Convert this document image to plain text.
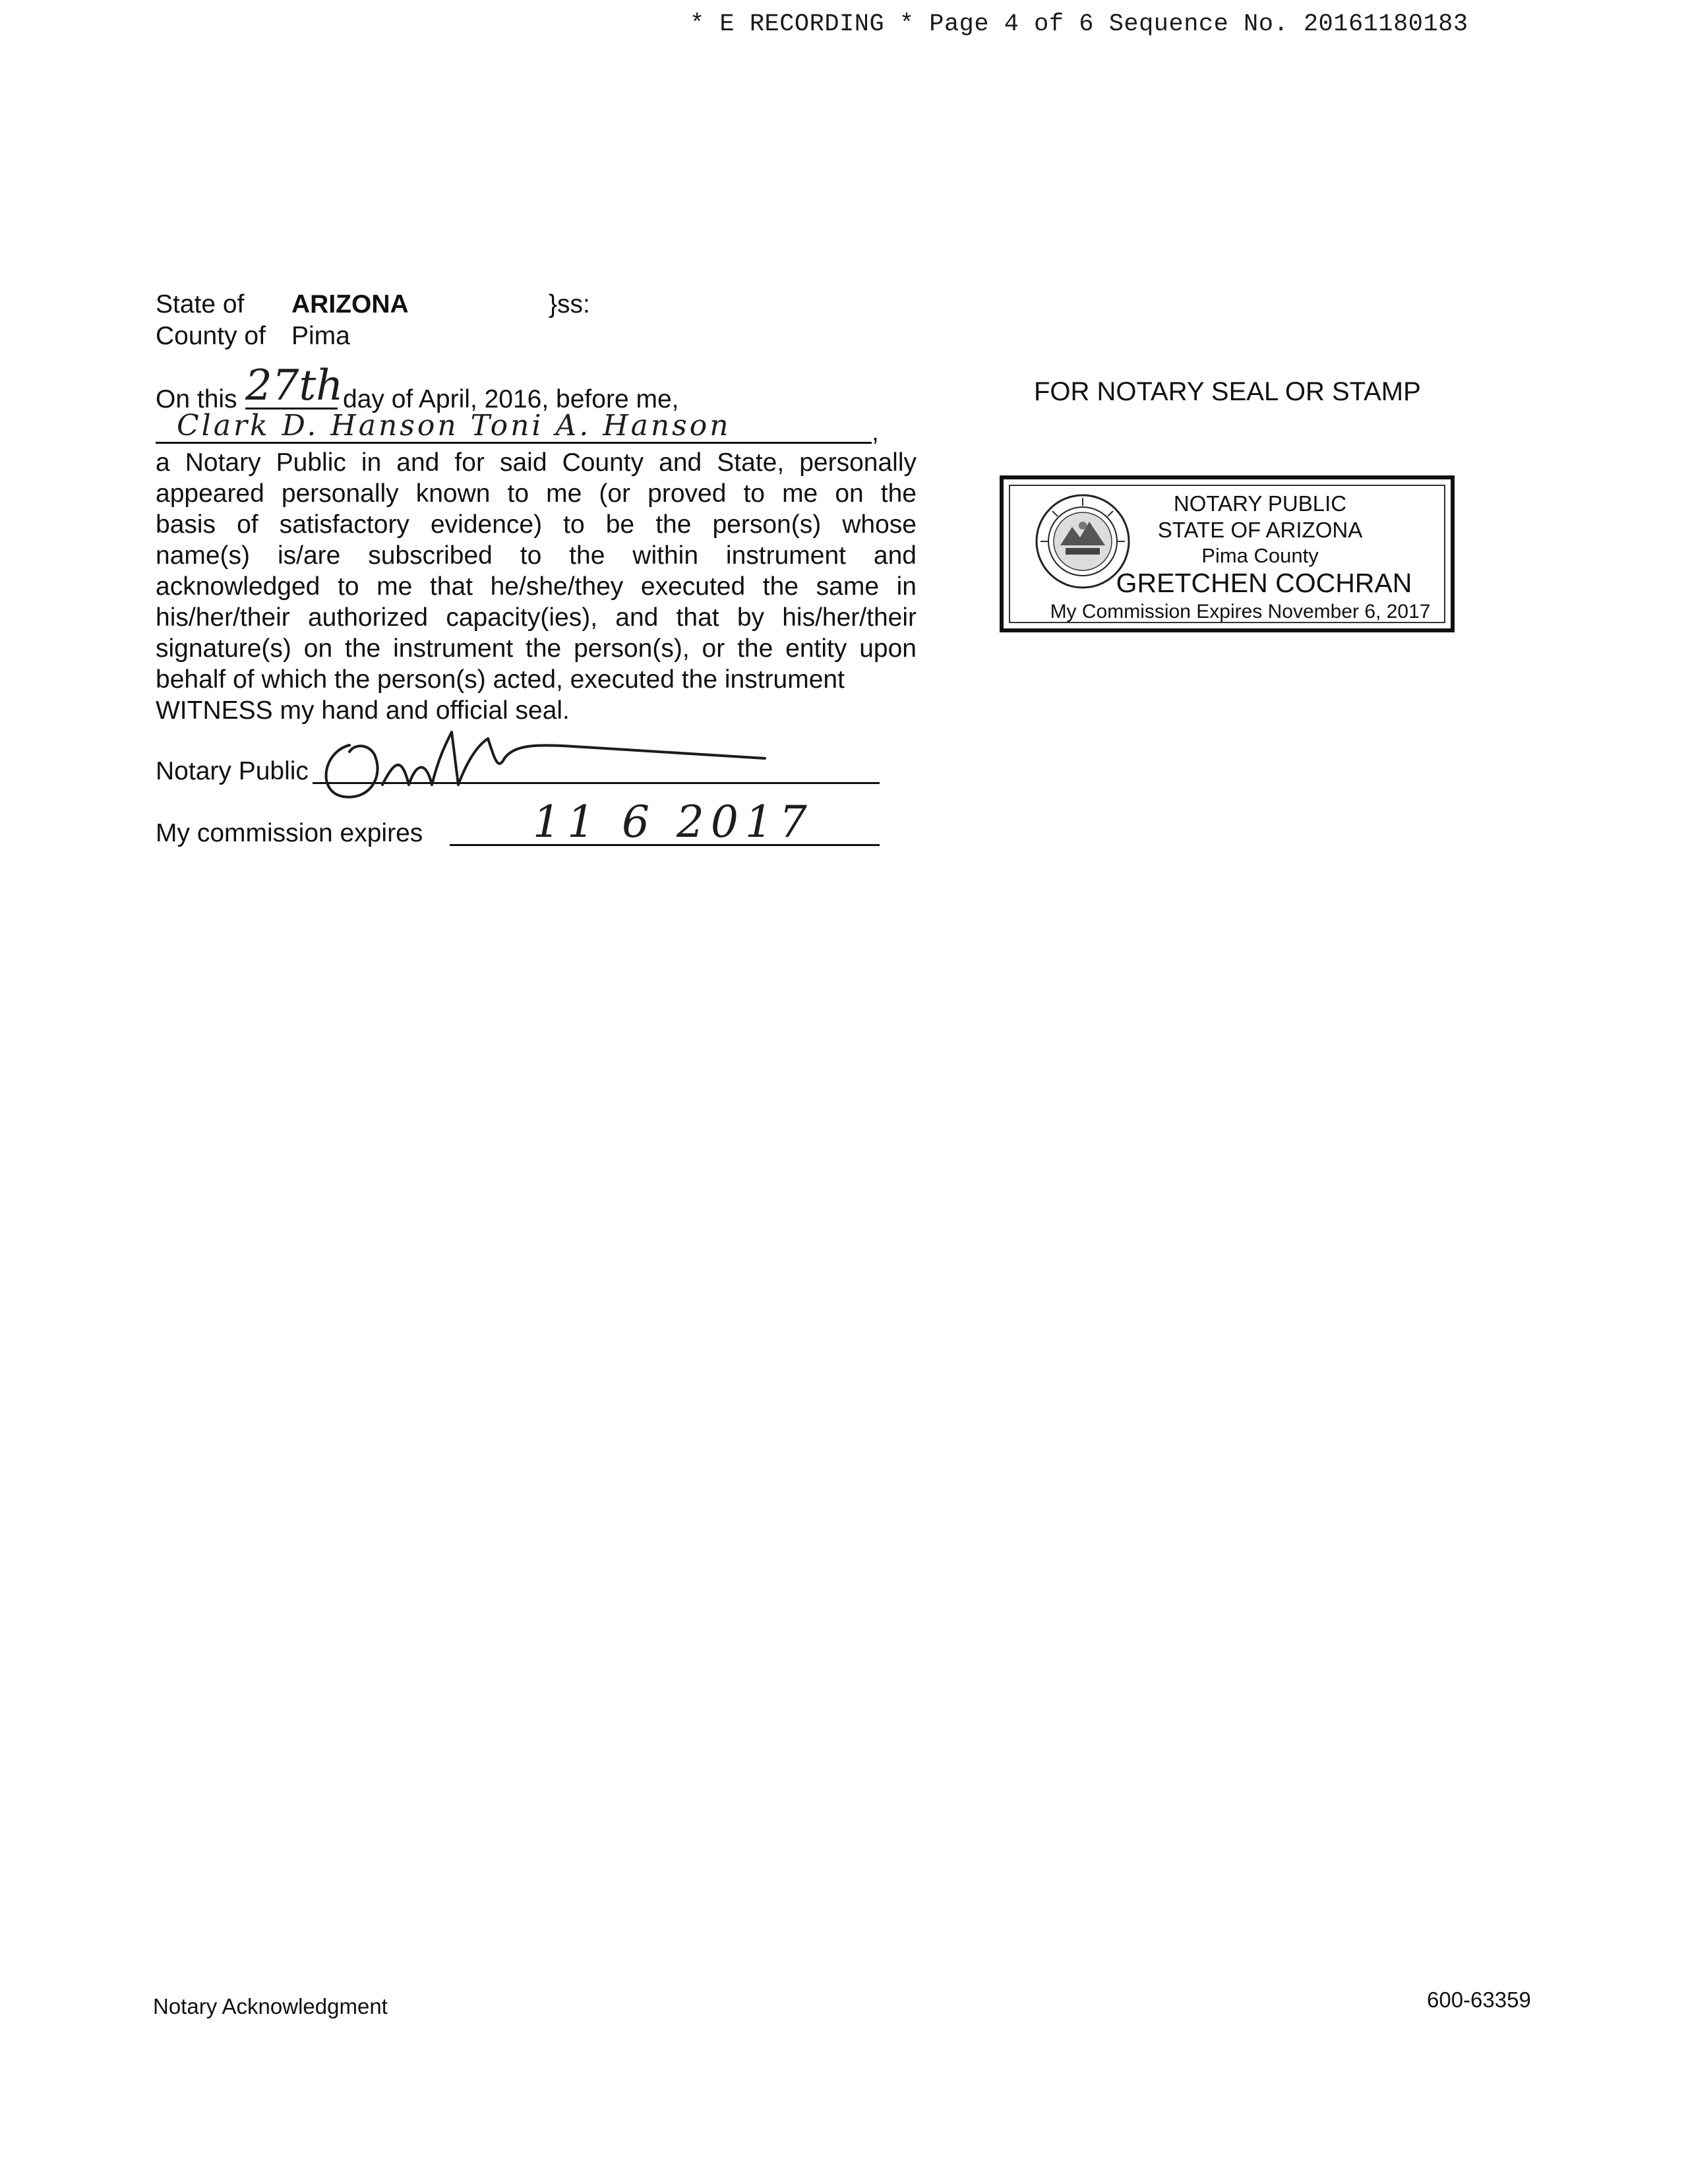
* E RECORDING * Page 4 of 6 Sequence No. 20161180183
State of ARIZONA	}ss:
County of Pima
On this 27th day of April, 2016, before me,
Clark D. Hanson Toni A. Hanson	,
a Notary Public in and for said County and State, personally
appeared personally known to me (or proved to me on the
basis of satisfactory evidence) to be the person(s) whose
name(s) is/are subscribed to the within instrument and
acknowledged to me that he/she/they executed the same in
his/her/their authorized capacity(ies), and that by his/her/their
signature(s) on the instrument the person(s), or the entity upon
behalf of which the person(s) acted, executed the instrument
WITNESS my hand and official seal.
Notary Public
My commission expires	11 6 2017
FOR NOTARY SEAL OR STAMP
NOTARY PUBLIC
STATE OF ARIZONA
Pima County
GRETCHEN COCHRAN
My Commission Expires November 6, 2017
Notary Acknowledgment	600-63359
